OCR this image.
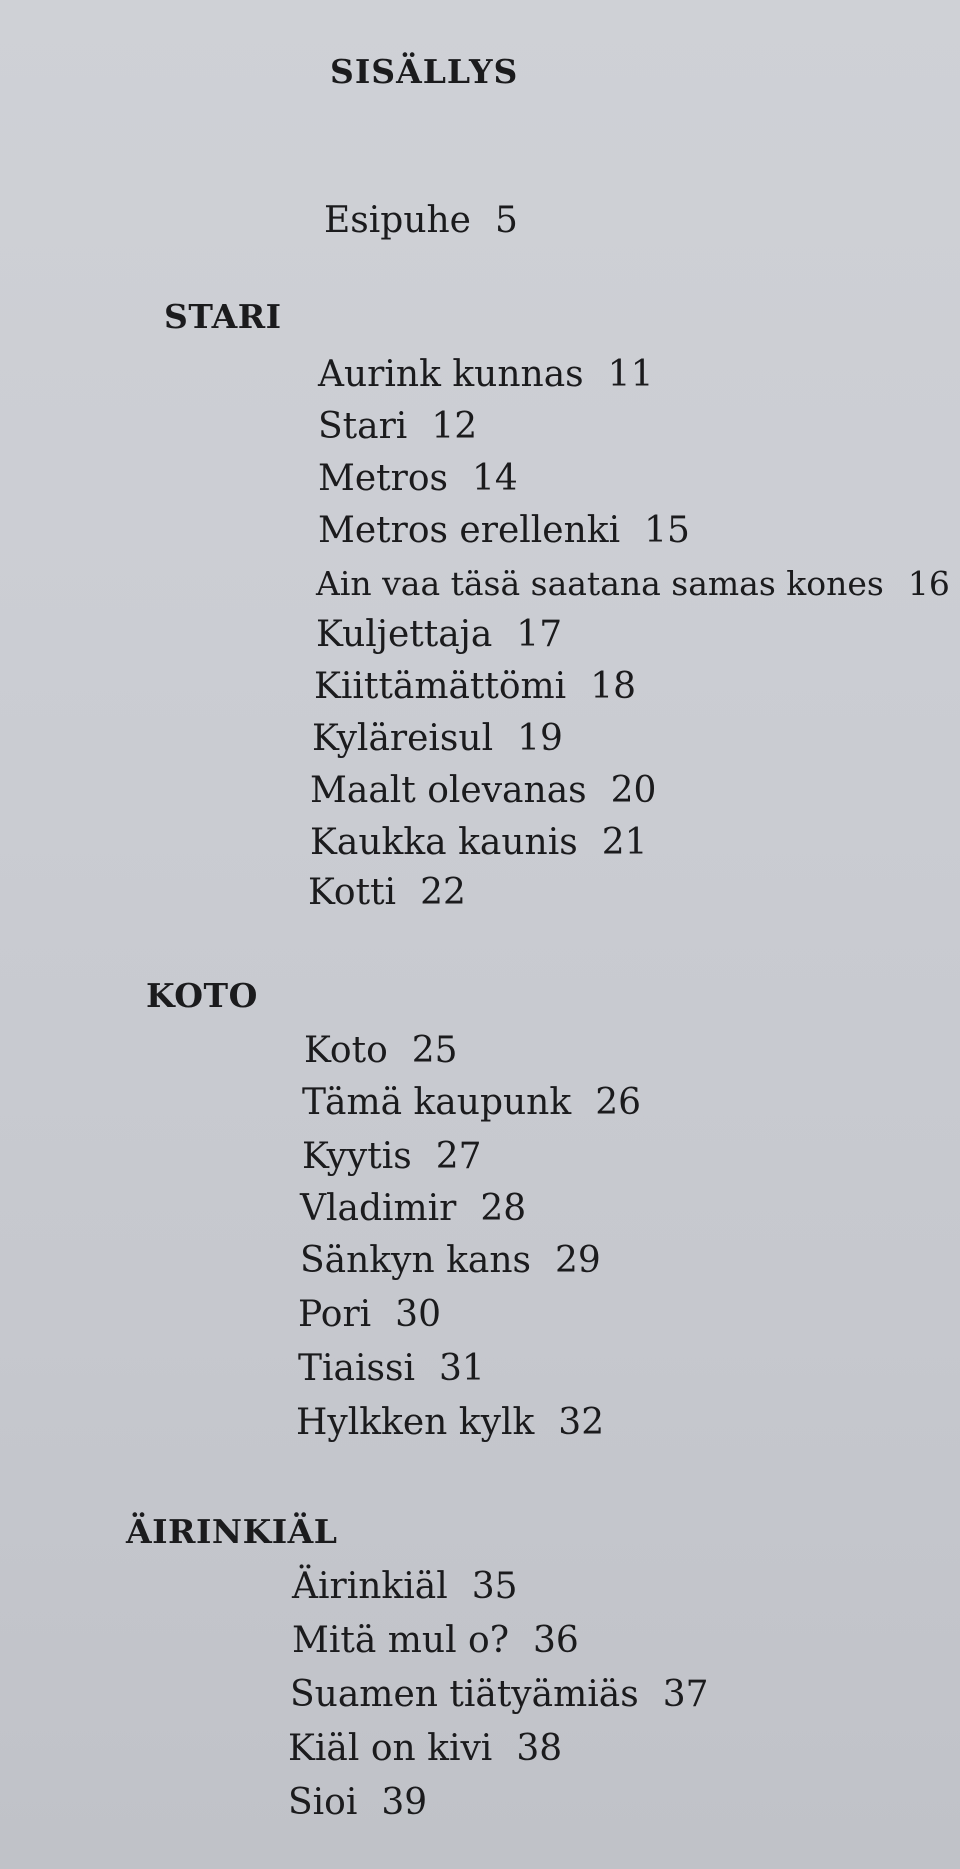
SISÄLLYS
Esipuhe 5
STARI
Aurink kunnas 11
Stari 12
Metros 14
Metros erellenki 15
Ain vaa täsä saatana samas kones 16
Kuljettaja 17
Kiittämättömi 18
Kyläreisul 19
Maalt olevanas 20
Kaukka kaunis 21
Kotti 22
KOTO
Koto 25
Tämä kaupunk 26
Kyytis 27
Vladimir 28
Sänkyn kans 29
Pori 30
Tiaissi 31
Hylkken kylk 32
ÄIRINKIÄL
Äirinkiäl 35
Mitä mul o? 36
Suamen tiätyämiäs 37
Kiäl on kivi 38
Sioi 39
